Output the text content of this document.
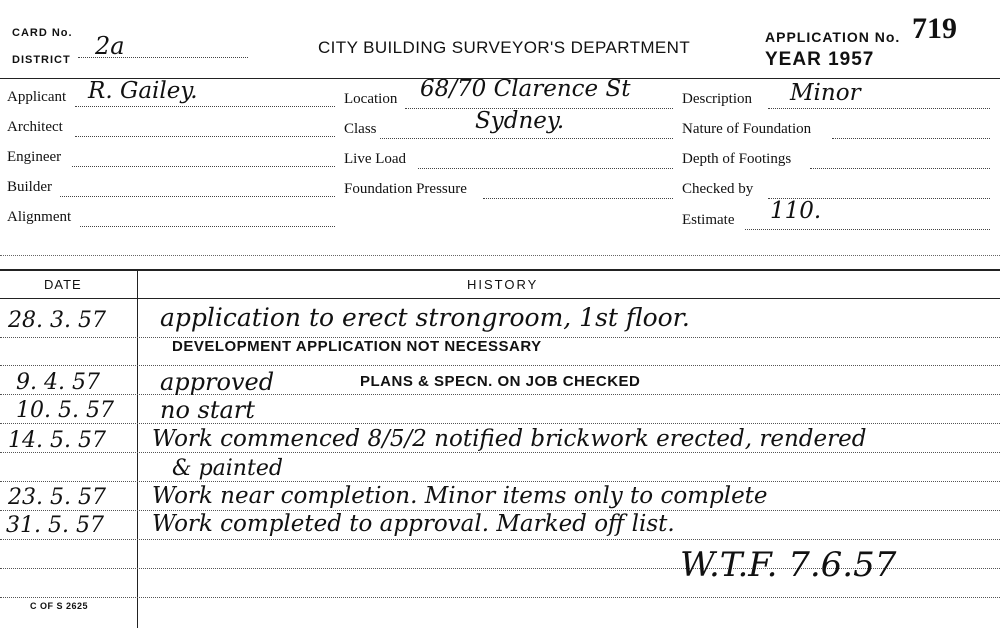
CARD No.
DISTRICT 2a	CITY BUILDING SURVEYOR'S DEPARTMENT
APPLICATION No. 719
YEAR 1957
Applicant R. Gailey.
Architect
Engineer
Builder
Alignment
Location 68/70 Clarence St
Class	Sydney.
Live Load
Foundation Pressure
Description Minor
Nature of Foundation
Depth of Footings
Checked by
Estimate 110.
DATE	HISTORY
28. 3. 57 application to erect strongroom, 1st floor.
DEVELOPMENT APPLICATION NOT NECESSARY
9. 4. 57	approved	PLANS & SPECN. ON JOB CHECKED
10. 5. 57 no start
14. 5. 57 Work commenced 8/5/2 notified brickwork erected, rendered
& painted
23. 5. 57 Work near completion. Minor items only to complete
31. 5. 57 Work completed to approval. Marked off list.
W.T.F. 7.6.57
C OF S 2625
